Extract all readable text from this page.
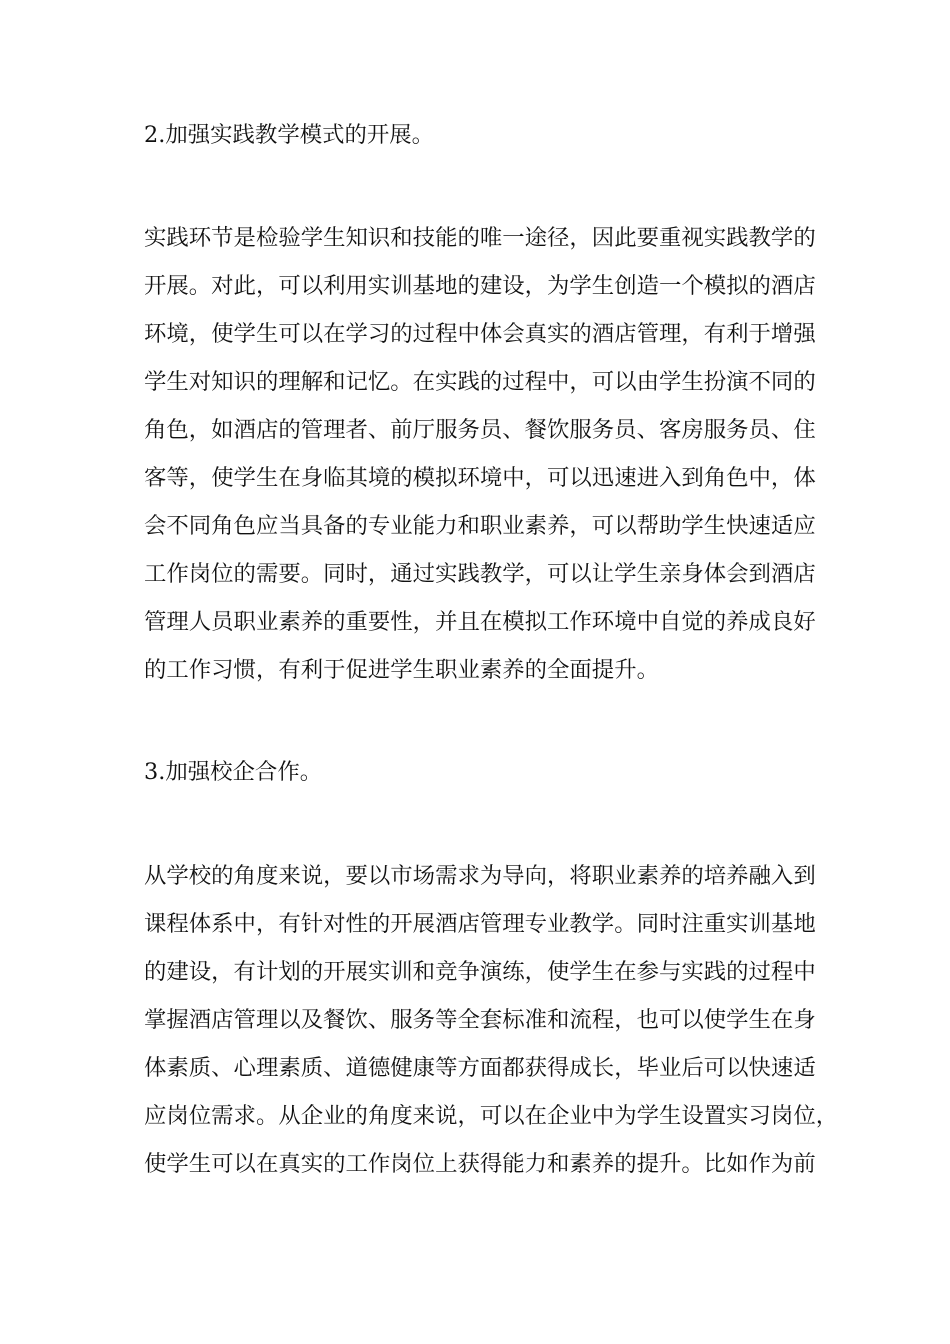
2.加强实践教学模式的开展。

实践环节是检验学生知识和技能的唯一途径，因此要重视实践教学的

开展。对此，可以利用实训基地的建设，为学生创造一个模拟的酒店

环境，使学生可以在学习的过程中体会真实的酒店管理，有利于增强

学生对知识的理解和记忆。在实践的过程中，可以由学生扮演不同的

角色，如酒店的管理者、前厅服务员、餐饮服务员、客房服务员、住

客等，使学生在身临其境的模拟环境中，可以迅速进入到角色中，体

会不同角色应当具备的专业能力和职业素养，可以帮助学生快速适应

工作岗位的需要。同时，通过实践教学，可以让学生亲身体会到酒店

管理人员职业素养的重要性，并且在模拟工作环境中自觉的养成良好

的工作习惯，有利于促进学生职业素养的全面提升。

3.加强校企合作。

从学校的角度来说，要以市场需求为导向，将职业素养的培养融入到

课程体系中，有针对性的开展酒店管理专业教学。同时注重实训基地

的建设，有计划的开展实训和竞争演练，使学生在参与实践的过程中

掌握酒店管理以及餐饮、服务等全套标准和流程，也可以使学生在身

体素质、心理素质、道德健康等方面都获得成长，毕业后可以快速适

应岗位需求。从企业的角度来说，可以在企业中为学生设置实习岗位，

使学生可以在真实的工作岗位上获得能力和素养的提升。比如作为前
